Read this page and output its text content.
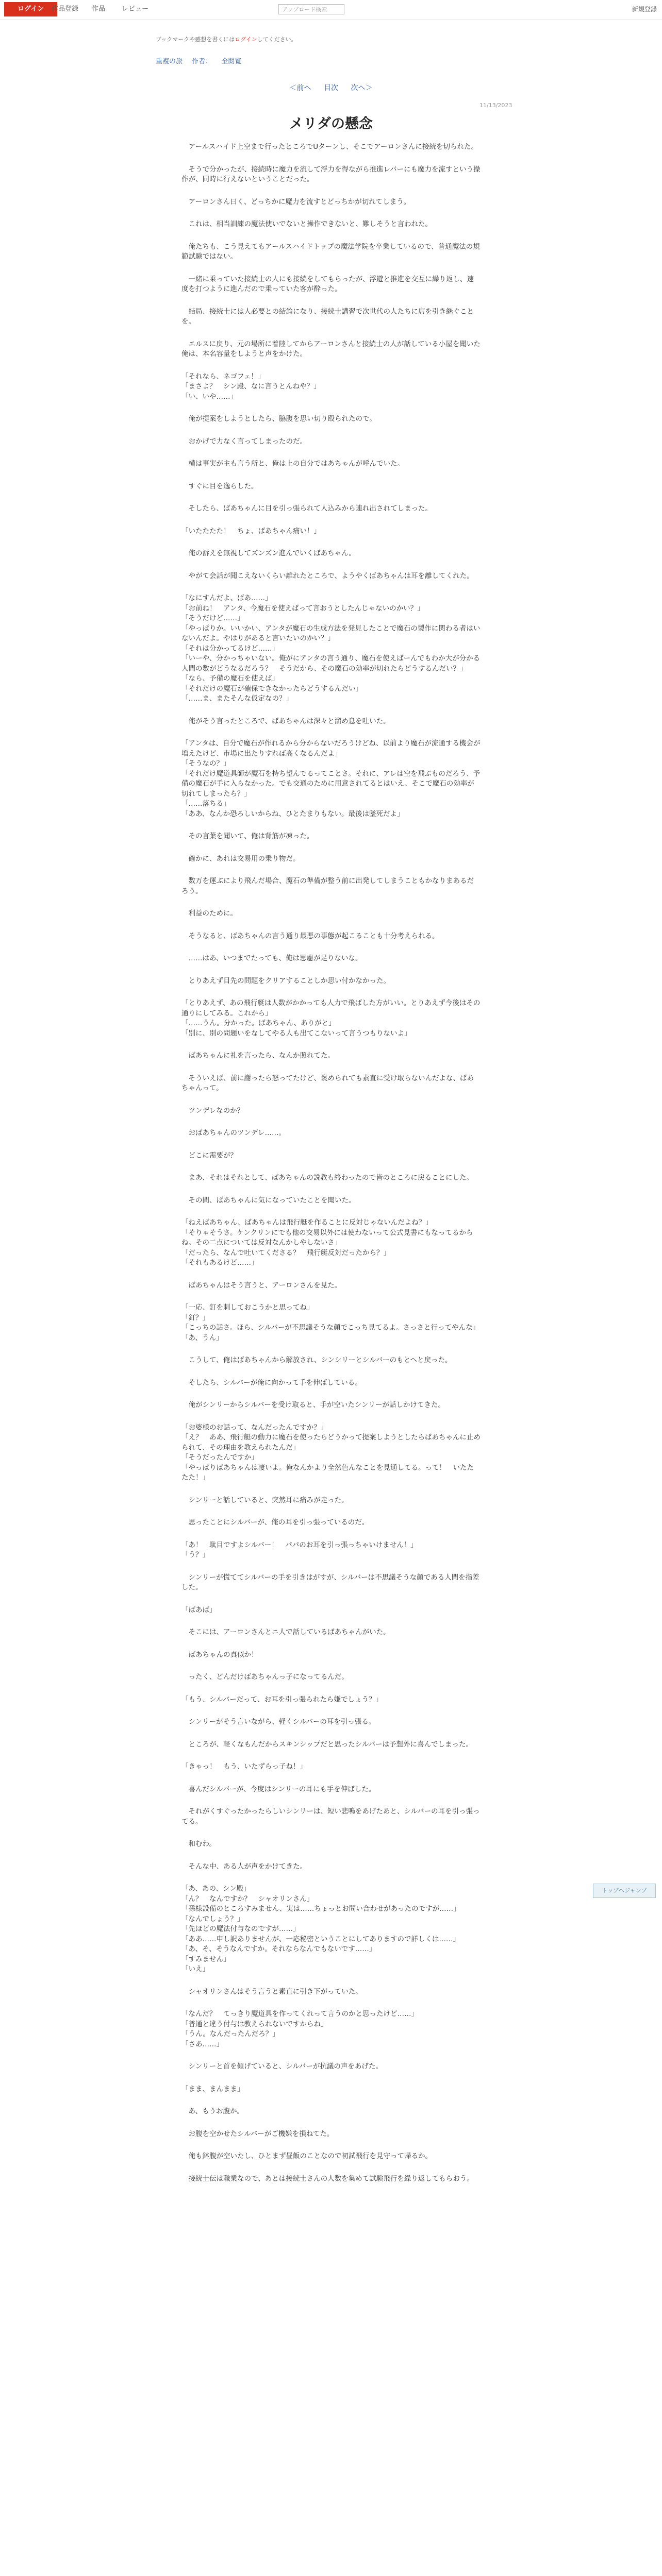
ログイン	作品登録 作品 レビュー	アップロード検索	新規登録
ブックマークや感想を書くにはログインしてください。
重複の旅 作者： 全閲覧
＜前へ 目次 次へ＞
11/13/2023
メリダの懸念

　アールスハイド上空まで行ったところでUターンし、そこでアーロンさんに接続を切られた。

　そうで分かったが、接続時に魔力を流して浮力を得ながら推進レバーにも魔力を流すという操作が、同時に行えないということだった。

　アーロンさん曰く、どっちかに魔力を流すとどっちかが切れてしまう。

　これは、相当訓練の魔法使いでないと操作できないと、難しそうと言われた。

　俺たちも、こう見えてもアールスハイドトップの魔法学院を卒業しているので、普通魔法の規範試験ではない。

　一緒に乗っていた接続士の人にも接続をしてもらったが、浮遊と推進を交互に繰り返し、速度を打つように進んだので乗っていた客が酔った。

　結局、接続士には人必要との結論になり、接続士講習で次世代の人たちに席を引き継ぐことを。

　エルスに戻り、元の場所に着陸してからアーロンさんと接続士の人が話している小屋を聞いた俺は、本名容量をしようと声をかけた。

「それなら、ネゴフェ！」
「まさよ？　シン殿、なに言うとんねや？」
「い、いや……」

　俺が提案をしようとしたら、脇腹を思い切り殴られたので。

　おかげで力なく言ってしまったのだ。

　横は事実が主も言う所と、俺は上の自分ではあちゃんが呼んでいた。

　すぐに目を逸らした。

　そしたら、ばあちゃんに目を引っ張られて人込みから連れ出されてしまった。

「いたたたた！　ちょ、ばあちゃん痛い！」

　俺の訴えを無視してズンズン進んでいくばあちゃん。

　やがて会話が聞こえないくらい離れたところで、ようやくばあちゃんは耳を離してくれた。

「なにすんだよ、ばあ……」
「お前ね！　アンタ、今魔石を使えばって言おうとしたんじゃないのかい？」
「そうだけど……」
「やっぱりか。いいかい、アンタが魔石の生成方法を発見したことで魔石の製作に関わる者はいないんだよ。やはりがあると言いたいのかい？」
「それは分かってるけど……」
「いーや、分かっちゃいない。俺がにアンタの言う通り、魔石を使えばーんでもわか大が分かる人間の数がどうなるだろう？　そうだから、その魔石の効率が切れたらどうするんだい？」
「なら、予備の魔石を使えば」
「それだけの魔石が確保できなかったらどうするんだい」
「……ま、またそんな仮定なの？」

　俺がそう言ったところで、ばあちゃんは深々と溜め息を吐いた。

「アンタは、自分で魔石が作れるから分からないだろうけどね、以前より魔石が流通する機会が増えたけど、市場に出たりすれば高くなるんだよ」
「そうなの？」
「それだけ魔道具師が魔石を持ち望んでるってことさ。それに、アレは空を飛ぶものだろう、予備の魔石が手に入らなかった。でも交通のために用意されてるとはいえ、そこで魔石の効率が切れてしまったら？」
「……落ちる」
「ああ、なんか恐ろしいからね、ひとたまりもない。最後は墜死だよ」

　その言葉を聞いて、俺は背筋が凍った。

　確かに、あれは交易用の乗り物だ。

　数万を運ぶにより飛んだ場合、魔石の準備が整う前に出発してしまうこともかなりまあるだろう。

　利益のために。

　そうなると、ばあちゃんの言う通り最悪の事態が起こることも十分考えられる。

　……はあ、いつまでたっても、俺は思慮が足りないな。

　とりあえず目先の問題をクリアすることしか思い付かなかった。

「とりあえず、あの飛行艇は人数がかかっても人力で飛ばした方がいい。とりあえず今後はその通りにしてみる。これから」
「……うん。分かった。ばあちゃん、ありがと」
「別に、別の問題いをなしてやる人も出てこないって言うつもりないよ」

　ばあちゃんに礼を言ったら、なんか照れてた。

　そういえば、前に謝ったら怒ってたけど、褒められても素直に受け取らないんだよな、ばあちゃんって。

　ツンデレなのか？

　おばあちゃんのツンデレ……。

　どこに需要が？

　まあ、それはそれとして、ばあちゃんの説教も終わったので皆のところに戻ることにした。

　その間、ばあちゃんに気になっていたことを聞いた。

「ねえばあちゃん、ばあちゃんは飛行艇を作ることに反対じゃないんだよね？」
「そりゃそうさ。ケンクリンにでも他の交易以外には使わないって公式見書にもなってるからね。その二点については反対なんかしやしないさ」
「だったら、なんで吐いてくださる？　飛行艇反対だったから？」
「それもあるけど……」

　ばあちゃんはそう言うと、アーロンさんを見た。

「一応、釘を刺しておこうかと思ってね」
「釘？」
「こっちの話さ。ほら、シルバーが不思議そうな顔でこっち見てるよ。さっさと行ってやんな」
「あ、うん」

　こうして、俺はばあちゃんから解放され、シンシリーとシルバーのもとへと戻った。

　そしたら、シルバーが俺に向かって手を伸ばしている。

　俺がシンリーからシルバーを受け取ると、手が空いたシンリーが話しかけてきた。

「お婆様のお話って、なんだったんですか？」
「え？　ああ、飛行艇の動力に魔石を使ったらどうかって提案しようとしたらばあちゃんに止められて、その理由を教えられたんだ」
「そうだったんですか」
「やっぱりばあちゃんは凄いよ。俺なんかより全然色んなことを見通してる。って！　いたたたた！」

　シンリーと話していると、突然耳に痛みが走った。

　思ったことにシルバーが、俺の耳を引っ張っているのだ。

「あ！　駄目ですよシルバー！　パパのお耳を引っ張っちゃいけません！」
「う？」

　シンリーが慌ててシルバーの手を引きはがすが、シルバーは不思議そうな顔である人間を指差した。

「ばあば」

　そこには、アーロンさんとニ人で話しているばあちゃんがいた。

　ばあちゃんの真似か！

　ったく、どんだけばあちゃんっ子になってるんだ。

「もう、シルバーだって、お耳を引っ張られたら嫌でしょう？」

　シンリーがそう言いながら、軽くシルバーの耳を引っ張る。

　ところが、軽くなもんだからスキンシップだと思ったシルバーは予想外に喜んでしまった。

「きゃっ！　もう、いたずらっ子ね！」

　喜んだシルバーが、今度はシンリーの耳にも手を伸ばした。

　それがくすぐったかったらしいシンリーは、短い悲鳴をあげたあと、シルバーの耳を引っ張ってる。

　和むわ。

　そんな中、ある人が声をかけてきた。

「あ、あの、シン殿」
「ん？　なんですか？　シャオリンさん」
「孫様設備のところすみません、実は……ちょっとお問い合わせがあったのですが……」
「なんでしょう？」
「先ほどの魔法付与なのですが……」
「ああ……申し訳ありませんが、一応秘密ということにしてありますので詳しくは……」
「あ、そ、そうなんですか。それならなんでもないです……」
「すみません」
「いえ」

　シャオリンさんはそう言うと素直に引き下がっていた。

「なんだ？　てっきり魔道具を作ってくれって言うのかと思ったけど……」
「普通と違う付与は教えられないですからね」
「うん。なんだったんだろ？」
「さあ……」

　シンリーと首を傾げていると、シルバーが抗議の声をあげた。

「まま、まんまま」

　あ、もうお腹か。

　お腹を空かせたシルバーがご機嫌を損ねてた。

　俺も鉢腹が空いたし、ひとまず昼飯のことなので初試飛行を見守って帰るか。

　接続士伝は職業なので、あとは接続士さんの人数を集めて試験飛行を繰り返してもらおう。

トップへジャンプ
